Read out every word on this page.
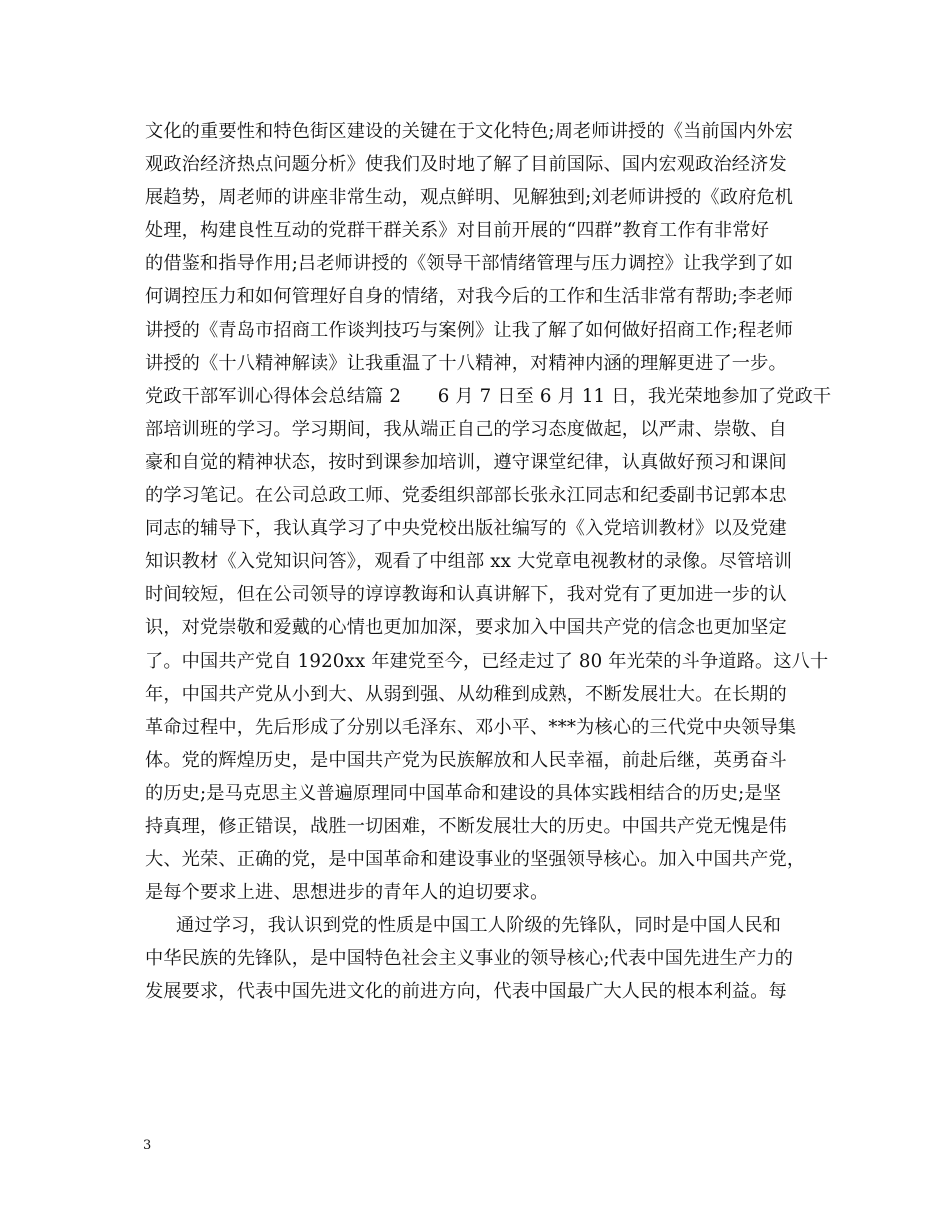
文化的重要性和特色街区建设的关键在于文化特色;周老师讲授的《当前国内外宏
观政治经济热点问题分析》使我们及时地了解了目前国际、国内宏观政治经济发
展趋势，周老师的讲座非常生动，观点鲜明、见解独到;刘老师讲授的《政府危机
处理，构建良性互动的党群干群关系》对目前开展的“四群”教育工作有非常好
的借鉴和指导作用;吕老师讲授的《领导干部情绪管理与压力调控》让我学到了如
何调控压力和如何管理好自身的情绪，对我今后的工作和生活非常有帮助;李老师
讲授的《青岛市招商工作谈判技巧与案例》让我了解了如何做好招商工作;程老师
讲授的《十八精神解读》让我重温了十八精神，对精神内涵的理解更进了一步。
党政干部军训心得体会总结篇 2　　6 月 7 日至 6 月 11 日，我光荣地参加了党政干
部培训班的学习。学习期间，我从端正自己的学习态度做起，以严肃、崇敬、自
豪和自觉的精神状态，按时到课参加培训，遵守课堂纪律，认真做好预习和课间
的学习笔记。在公司总政工师、党委组织部部长张永江同志和纪委副书记郭本忠
同志的辅导下，我认真学习了中央党校出版社编写的《入党培训教材》以及党建
知识教材《入党知识问答》，观看了中组部 xx 大党章电视教材的录像。尽管培训
时间较短，但在公司领导的谆谆教诲和认真讲解下，我对党有了更加进一步的认
识，对党崇敬和爱戴的心情也更加加深，要求加入中国共产党的信念也更加坚定
了。中国共产党自 1920xx 年建党至今，已经走过了 80 年光荣的斗争道路。这八十
年，中国共产党从小到大、从弱到强、从幼稚到成熟，不断发展壮大。在长期的
革命过程中，先后形成了分别以毛泽东、邓小平、***为核心的三代党中央领导集
体。党的辉煌历史，是中国共产党为民族解放和人民幸福，前赴后继，英勇奋斗
的历史;是马克思主义普遍原理同中国革命和建设的具体实践相结合的历史;是坚
持真理，修正错误，战胜一切困难，不断发展壮大的历史。中国共产党无愧是伟
大、光荣、正确的党，是中国革命和建设事业的坚强领导核心。加入中国共产党，
是每个要求上进、思想进步的青年人的迫切要求。
通过学习，我认识到党的性质是中国工人阶级的先锋队，同时是中国人民和
中华民族的先锋队，是中国特色社会主义事业的领导核心;代表中国先进生产力的
发展要求，代表中国先进文化的前进方向，代表中国最广大人民的根本利益。每
3
